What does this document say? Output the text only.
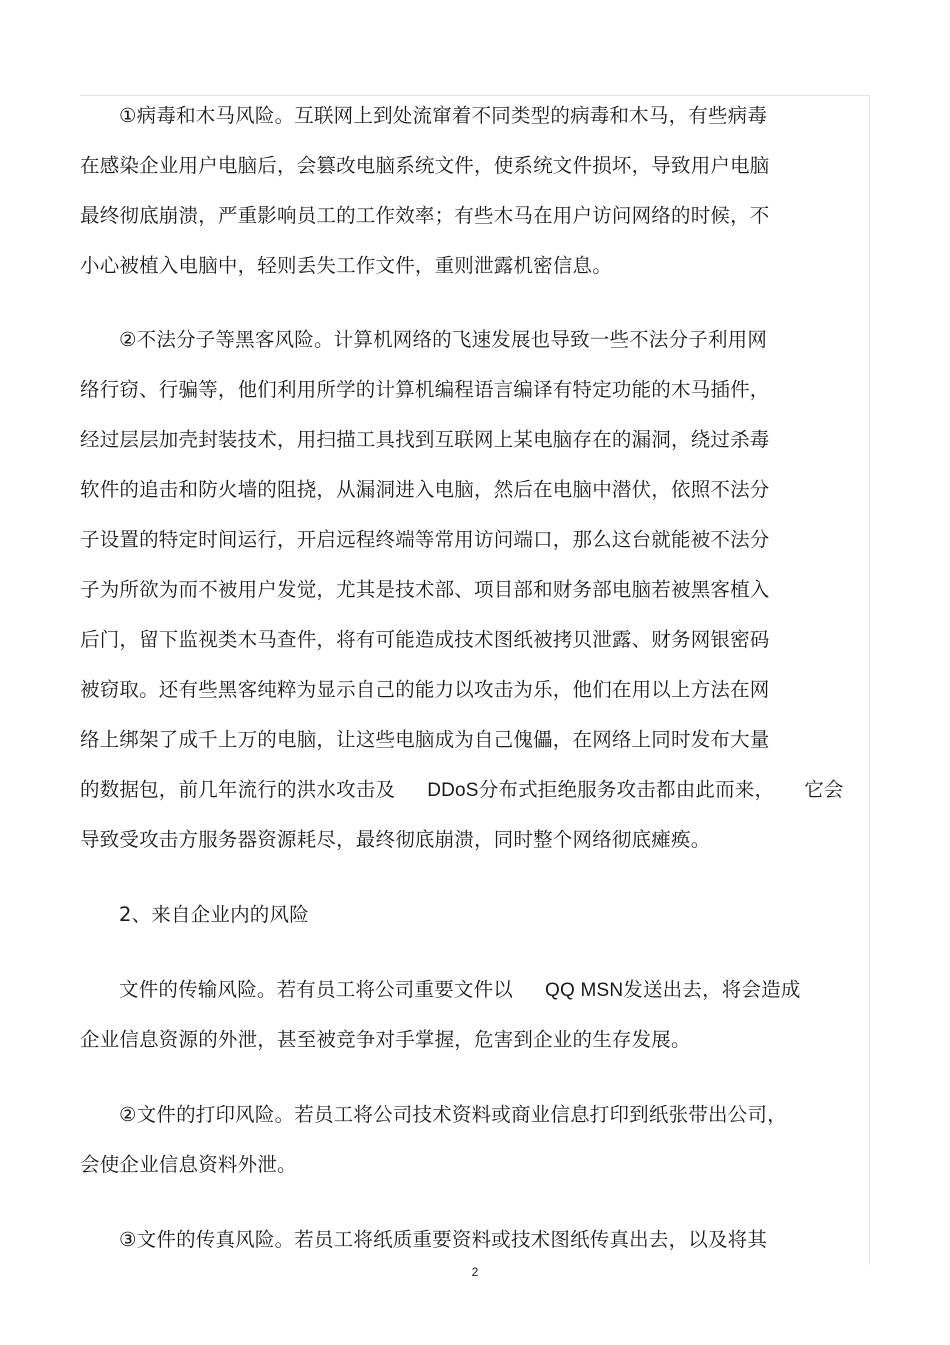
①病毒和木马风险。互联网上到处流窜着不同类型的病毒和木马，有些病毒

在感染企业用户电脑后，会篡改电脑系统文件，使系统文件损坏，导致用户电脑

最终彻底崩溃，严重影响员工的工作效率；有些木马在用户访问网络的时候，不

小心被植入电脑中，轻则丢失工作文件，重则泄露机密信息。

②不法分子等黑客风险。计算机网络的飞速发展也导致一些不法分子利用网

络行窃、行骗等，他们利用所学的计算机编程语言编译有特定功能的木马插件，

经过层层加壳封装技术，用扫描工具找到互联网上某电脑存在的漏洞，绕过杀毒

软件的追击和防火墙的阻挠，从漏洞进入电脑，然后在电脑中潜伏，依照不法分

子设置的特定时间运行，开启远程终端等常用访问端口，那么这台就能被不法分

子为所欲为而不被用户发觉，尤其是技术部、项目部和财务部电脑若被黑客植入

后门，留下监视类木马查件，将有可能造成技术图纸被拷贝泄露、财务网银密码

被窃取。还有些黑客纯粹为显示自己的能力以攻击为乐，他们在用以上方法在网

络上绑架了成千上万的电脑，让这些电脑成为自己傀儡，在网络上同时发布大量

的数据包，前几年流行的洪水攻击及 DDoS分布式拒绝服务攻击都由此而来， 它会

导致受攻击方服务器资源耗尽，最终彻底崩溃，同时整个网络彻底瘫痪。

2、来自企业内的风险

文件的传输风险。若有员工将公司重要文件以 QQ MSN发送出去，将会造成

企业信息资源的外泄，甚至被竞争对手掌握，危害到企业的生存发展。

②文件的打印风险。若员工将公司技术资料或商业信息打印到纸张带出公司，

会使企业信息资料外泄。

③文件的传真风险。若员工将纸质重要资料或技术图纸传真出去，以及将其

2
